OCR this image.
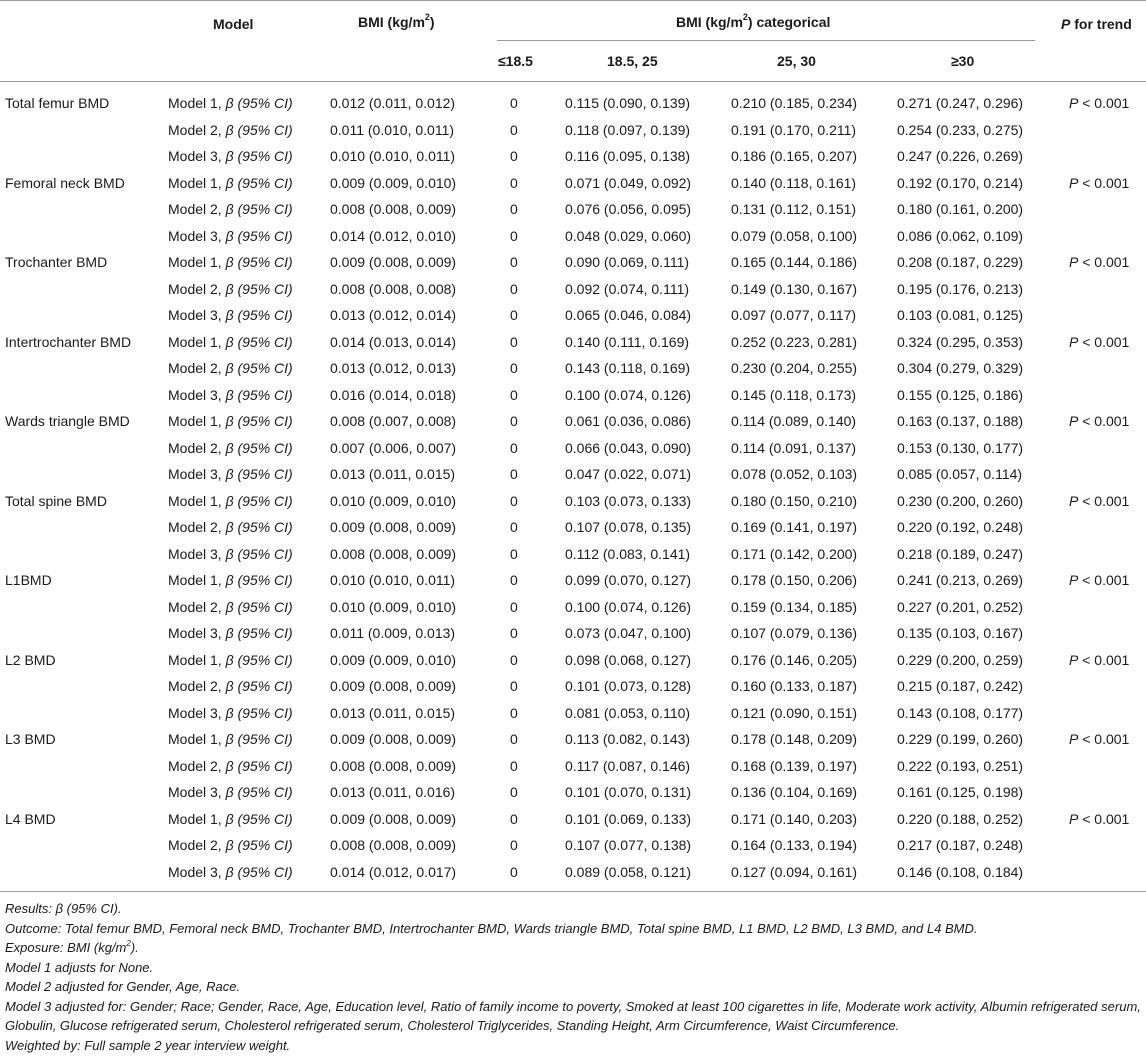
Model	BMI $(kg/m^2)$	BMI $(kg/m^2)$ categorical	P for trend
≤18.5	18.5, 25	25, 30	≥30
Total femur BMD	Model 1, β (95% CI)	0.012 (0.011, 0.012)	0	0.115 (0.090, 0.139)	0.210 (0.185, 0.234)	0.271 (0.247, 0.296)	P < 0.001
Model 2, β (95% CI)	0.011 (0.010, 0.011)	0	0.118 (0.097, 0.139)	0.191 (0.170, 0.211)	0.254 (0.233, 0.275)
Model 3, β (95% CI)	0.010 (0.010, 0.011)	0	0.116 (0.095, 0.138)	0.186 (0.165, 0.207)	0.247 (0.226, 0.269)
Femoral neck BMD	Model 1, β (95% CI)	0.009 (0.009, 0.010)	0	0.071 (0.049, 0.092)	0.140 (0.118, 0.161)	0.192 (0.170, 0.214)	P < 0.001
Model 2, β (95% CI)	0.008 (0.008, 0.009)	0	0.076 (0.056, 0.095)	0.131 (0.112, 0.151)	0.180 (0.161, 0.200)
Model 3, β (95% CI)	0.014 (0.012, 0.010)	0	0.048 (0.029, 0.060)	0.079 (0.058, 0.100)	0.086 (0.062, 0.109)
Trochanter BMD	Model 1, β (95% CI)	0.009 (0.008, 0.009)	0	0.090 (0.069, 0.111)	0.165 (0.144, 0.186)	0.208 (0.187, 0.229)	P < 0.001
Model 2, β (95% CI)	0.008 (0.008, 0.008)	0	0.092 (0.074, 0.111)	0.149 (0.130, 0.167)	0.195 (0.176, 0.213)
Model 3, β (95% CI)	0.013 (0.012, 0.014)	0	0.065 (0.046, 0.084)	0.097 (0.077, 0.117)	0.103 (0.081, 0.125)
Intertrochanter BMD	Model 1, β (95% CI)	0.014 (0.013, 0.014)	0	0.140 (0.111, 0.169)	0.252 (0.223, 0.281)	0.324 (0.295, 0.353)	P < 0.001
Model 2, β (95% CI)	0.013 (0.012, 0.013)	0	0.143 (0.118, 0.169)	0.230 (0.204, 0.255)	0.304 (0.279, 0.329)
Model 3, β (95% CI)	0.016 (0.014, 0.018)	0	0.100 (0.074, 0.126)	0.145 (0.118, 0.173)	0.155 (0.125, 0.186)
Wards triangle BMD	Model 1, β (95% CI)	0.008 (0.007, 0.008)	0	0.061 (0.036, 0.086)	0.114 (0.089, 0.140)	0.163 (0.137, 0.188)	P < 0.001
Model 2, β (95% CI)	0.007 (0.006, 0.007)	0	0.066 (0.043, 0.090)	0.114 (0.091, 0.137)	0.153 (0.130, 0.177)
Model 3, β (95% CI)	0.013 (0.011, 0.015)	0	0.047 (0.022, 0.071)	0.078 (0.052, 0.103)	0.085 (0.057, 0.114)
Total spine BMD	Model 1, β (95% CI)	0.010 (0.009, 0.010)	0	0.103 (0.073, 0.133)	0.180 (0.150, 0.210)	0.230 (0.200, 0.260)	P < 0.001
Model 2, β (95% CI)	0.009 (0.008, 0.009)	0	0.107 (0.078, 0.135)	0.169 (0.141, 0.197)	0.220 (0.192, 0.248)
Model 3, β (95% CI)	0.008 (0.008, 0.009)	0	0.112 (0.083, 0.141)	0.171 (0.142, 0.200)	0.218 (0.189, 0.247)
L1BMD	Model 1, β (95% CI)	0.010 (0.010, 0.011)	0	0.099 (0.070, 0.127)	0.178 (0.150, 0.206)	0.241 (0.213, 0.269)	P < 0.001
Model 2, β (95% CI)	0.010 (0.009, 0.010)	0	0.100 (0.074, 0.126)	0.159 (0.134, 0.185)	0.227 (0.201, 0.252)
Model 3, β (95% CI)	0.011 (0.009, 0.013)	0	0.073 (0.047, 0.100)	0.107 (0.079, 0.136)	0.135 (0.103, 0.167)
L2 BMD	Model 1, β (95% CI)	0.009 (0.009, 0.010)	0	0.098 (0.068, 0.127)	0.176 (0.146, 0.205)	0.229 (0.200, 0.259)	P < 0.001
Model 2, β (95% CI)	0.009 (0.008, 0.009)	0	0.101 (0.073, 0.128)	0.160 (0.133, 0.187)	0.215 (0.187, 0.242)
Model 3, β (95% CI)	0.013 (0.011, 0.015)	0	0.081 (0.053, 0.110)	0.121 (0.090, 0.151)	0.143 (0.108, 0.177)
L3 BMD	Model 1, β (95% CI)	0.009 (0.008, 0.009)	0	0.113 (0.082, 0.143)	0.178 (0.148, 0.209)	0.229 (0.199, 0.260)	P < 0.001
Model 2, β (95% CI)	0.008 (0.008, 0.009)	0	0.117 (0.087, 0.146)	0.168 (0.139, 0.197)	0.222 (0.193, 0.251)
Model 3, β (95% CI)	0.013 (0.011, 0.016)	0	0.101 (0.070, 0.131)	0.136 (0.104, 0.169)	0.161 (0.125, 0.198)
L4 BMD	Model 1, β (95% CI)	0.009 (0.008, 0.009)	0	0.101 (0.069, 0.133)	0.171 (0.140, 0.203)	0.220 (0.188, 0.252)	P < 0.001
Model 2, β (95% CI)	0.008 (0.008, 0.009)	0	0.107 (0.077, 0.138)	0.164 (0.133, 0.194)	0.217 (0.187, 0.248)
Model 3, β (95% CI)	0.014 (0.012, 0.017)	0	0.089 (0.058, 0.121)	0.127 (0.094, 0.161)	0.146 (0.108, 0.184)
Results: β (95% CI).
Outcome: Total femur BMD, Femoral neck BMD, Trochanter BMD, Intertrochanter BMD, Wards triangle BMD, Total spine BMD, L1 BMD, L2 BMD, L3 BMD, and L4 BMD.
Exposure: BMI $(kg/m^2)$.
Model 1 adjusts for None.
Model 2 adjusted for Gender, Age, Race.
Model 3 adjusted for: Gender; Race; Gender, Race, Age, Education level, Ratio of family income to poverty, Smoked at least 100 cigarettes in life, Moderate work activity, Albumin refrigerated serum, Globulin, Glucose refrigerated serum, Cholesterol refrigerated serum, Cholesterol Triglycerides, Standing Height, Arm Circumference, Waist Circumference.
Weighted by: Full sample 2 year interview weight.
